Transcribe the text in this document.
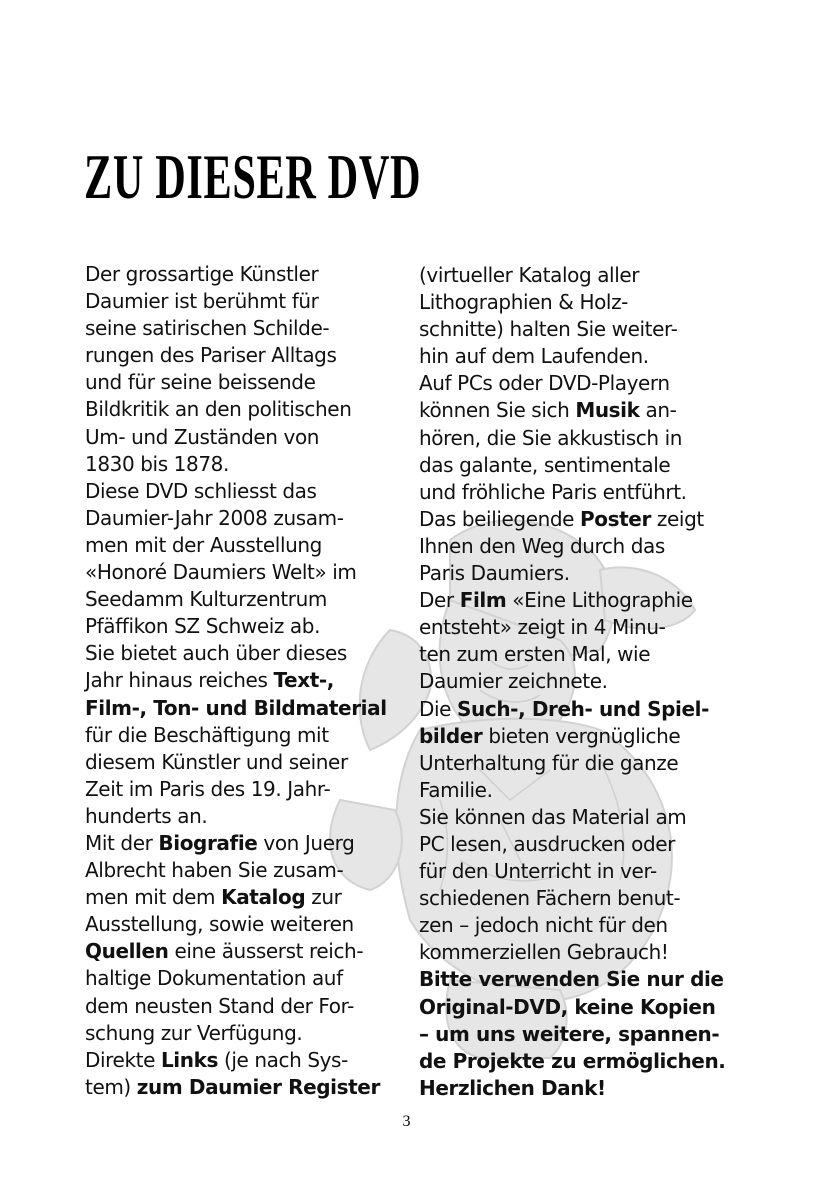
ZU DIESER DVD
Der grossartige Künstler
Daumier ist berühmt für
seine satirischen Schilde-
rungen des Pariser Alltags
und für seine beissende
Bildkritik an den politischen
Um- und Zuständen von
1830 bis 1878.
Diese DVD schliesst das
Daumier-Jahr 2008 zusam-
men mit der Ausstellung
«Honoré Daumiers Welt» im
Seedamm Kulturzentrum
Pfäffikon SZ Schweiz ab.
Sie bietet auch über dieses
Jahr hinaus reiches Text-,
Film-, Ton- und Bildmaterial
für die Beschäftigung mit
diesem Künstler und seiner
Zeit im Paris des 19. Jahr-
hunderts an.
Mit der Biografie von Juerg
Albrecht haben Sie zusam-
men mit dem Katalog zur
Ausstellung, sowie weiteren
Quellen eine äusserst reich-
haltige Dokumentation auf
dem neusten Stand der For-
schung zur Verfügung.
Direkte Links (je nach Sys-
tem) zum Daumier Register
(virtueller Katalog aller
Lithographien & Holz-
schnitte) halten Sie weiter-
hin auf dem Laufenden.
Auf PCs oder DVD-Playern
können Sie sich Musik an-
hören, die Sie akkustisch in
das galante, sentimentale
und fröhliche Paris entführt.
Das beiliegende Poster zeigt
Ihnen den Weg durch das
Paris Daumiers.
Der Film «Eine Lithographie
entsteht» zeigt in 4 Minu-
ten zum ersten Mal, wie
Daumier zeichnete.
Die Such-, Dreh- und Spiel-
bilder bieten vergnügliche
Unterhaltung für die ganze
Familie.
Sie können das Material am
PC lesen, ausdrucken oder
für den Unterricht in ver-
schiedenen Fächern benut-
zen – jedoch nicht für den
kommerziellen Gebrauch!
Bitte verwenden Sie nur die
Original-DVD, keine Kopien
– um uns weitere, spannen-
de Projekte zu ermöglichen.
Herzlichen Dank!
3
